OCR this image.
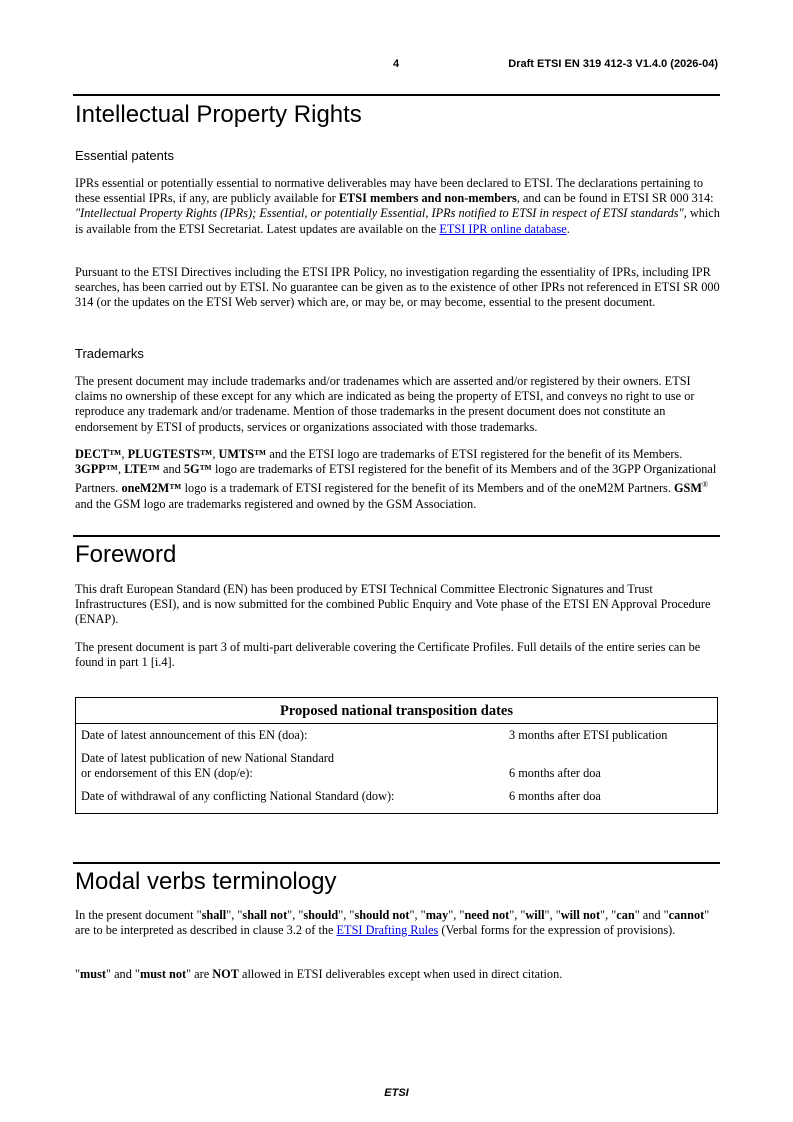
4	Draft ETSI EN 319 412-3 V1.4.0 (2026-04)
Intellectual Property Rights
Essential patents

IPRs essential or potentially essential to normative deliverables may have been declared to ETSI. The declarations pertaining to these essential IPRs, if any, are publicly available for ETSI members and non-members, and can be found in ETSI SR 000 314: "Intellectual Property Rights (IPRs); Essential, or potentially Essential, IPRs notified to ETSI in respect of ETSI standards", which is available from the ETSI Secretariat. Latest updates are available on the ETSI IPR online database.

Pursuant to the ETSI Directives including the ETSI IPR Policy, no investigation regarding the essentiality of IPRs, including IPR searches, has been carried out by ETSI. No guarantee can be given as to the existence of other IPRs not referenced in ETSI SR 000 314 (or the updates on the ETSI Web server) which are, or may be, or may become, essential to the present document.

Trademarks

The present document may include trademarks and/or tradenames which are asserted and/or registered by their owners. ETSI claims no ownership of these except for any which are indicated as being the property of ETSI, and conveys no right to use or reproduce any trademark and/or tradename. Mention of those trademarks in the present document does not constitute an endorsement by ETSI of products, services or organizations associated with those trademarks.

DECT™, PLUGTESTS™, UMTS™ and the ETSI logo are trademarks of ETSI registered for the benefit of its Members. 3GPP™, LTE™ and 5G™ logo are trademarks of ETSI registered for the benefit of its Members and of the 3GPP Organizational Partners. oneM2M™ logo is a trademark of ETSI registered for the benefit of its Members and of the oneM2M Partners. GSM® and the GSM logo are trademarks registered and owned by the GSM Association.

Foreword

This draft European Standard (EN) has been produced by ETSI Technical Committee Electronic Signatures and Trust Infrastructures (ESI), and is now submitted for the combined Public Enquiry and Vote phase of the ETSI EN Approval Procedure (ENAP).

The present document is part 3 of multi-part deliverable covering the Certificate Profiles. Full details of the entire series can be found in part 1 [i.4].

Proposed national transposition dates	
Date of latest announcement of this EN (doa):	3 months after ETSI publication
Date of latest publication of new National Standard
or endorsement of this EN (dop/e):	6 months after doa
Date of withdrawal of any conflicting National Standard (dow):	6 months after doa
Modal verbs terminology

In the present document "shall", "shall not", "should", "should not", "may", "need not", "will", "will not", "can" and "cannot" are to be interpreted as described in clause 3.2 of the ETSI Drafting Rules (Verbal forms for the expression of provisions).

"must" and "must not" are NOT allowed in ETSI deliverables except when used in direct citation.

ETSI
